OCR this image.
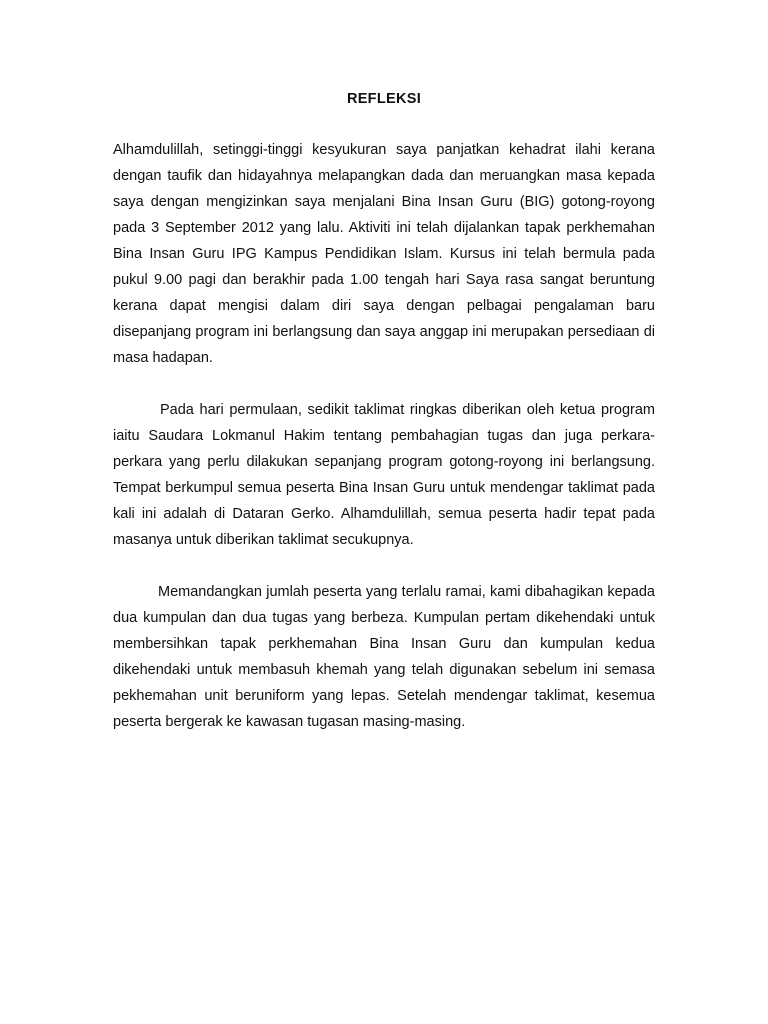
REFLEKSI

Alhamdulillah, setinggi-tinggi kesyukuran saya panjatkan kehadrat ilahi kerana dengan taufik dan hidayahnya melapangkan dada dan meruangkan masa kepada saya dengan mengizinkan saya menjalani Bina Insan Guru (BIG) gotong-royong pada 3 September 2012 yang lalu. Aktiviti ini telah dijalankan tapak perkhemahan Bina Insan Guru IPG Kampus Pendidikan Islam. Kursus ini telah bermula pada pukul 9.00 pagi dan berakhir pada 1.00 tengah hari Saya rasa sangat beruntung kerana dapat mengisi dalam diri saya dengan pelbagai pengalaman baru disepanjang program ini berlangsung dan saya anggap ini merupakan persediaan di masa hadapan.

Pada hari permulaan, sedikit taklimat ringkas diberikan oleh ketua program iaitu Saudara Lokmanul Hakim tentang pembahagian tugas dan juga perkara-perkara yang perlu dilakukan sepanjang program gotong-royong ini berlangsung. Tempat berkumpul semua peserta Bina Insan Guru untuk mendengar taklimat pada kali ini adalah di Dataran Gerko. Alhamdulillah, semua peserta hadir tepat pada masanya untuk diberikan taklimat secukupnya.

Memandangkan jumlah peserta yang terlalu ramai, kami dibahagikan kepada dua kumpulan dan dua tugas yang berbeza. Kumpulan pertam dikehendaki untuk membersihkan tapak perkhemahan Bina Insan Guru dan kumpulan kedua dikehendaki untuk membasuh khemah yang telah digunakan sebelum ini semasa pekhemahan unit beruniform yang lepas. Setelah mendengar taklimat, kesemua peserta bergerak ke kawasan tugasan masing-masing.
